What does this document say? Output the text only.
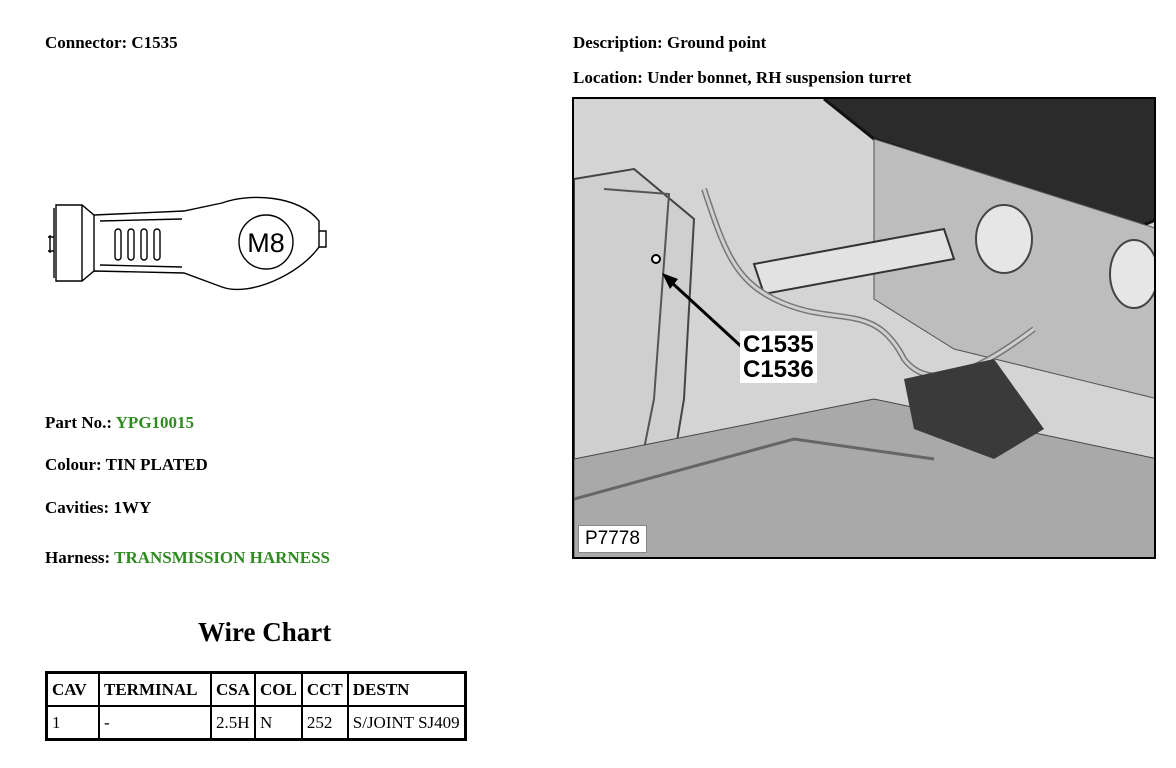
Connector: C1535	Description: Ground point
Location: Under bonnet, RH suspension turret
M8
Part No.: YPG10015
Colour: TIN PLATED
Cavities: 1WY
Harness: TRANSMISSION HARNESS
Wire Chart
CAV	TERMINAL	CSA	COL	CCT	DESTN
1	-	2.5H	N	252	S/JOINT SJ409
C1535
C1536
P7778
